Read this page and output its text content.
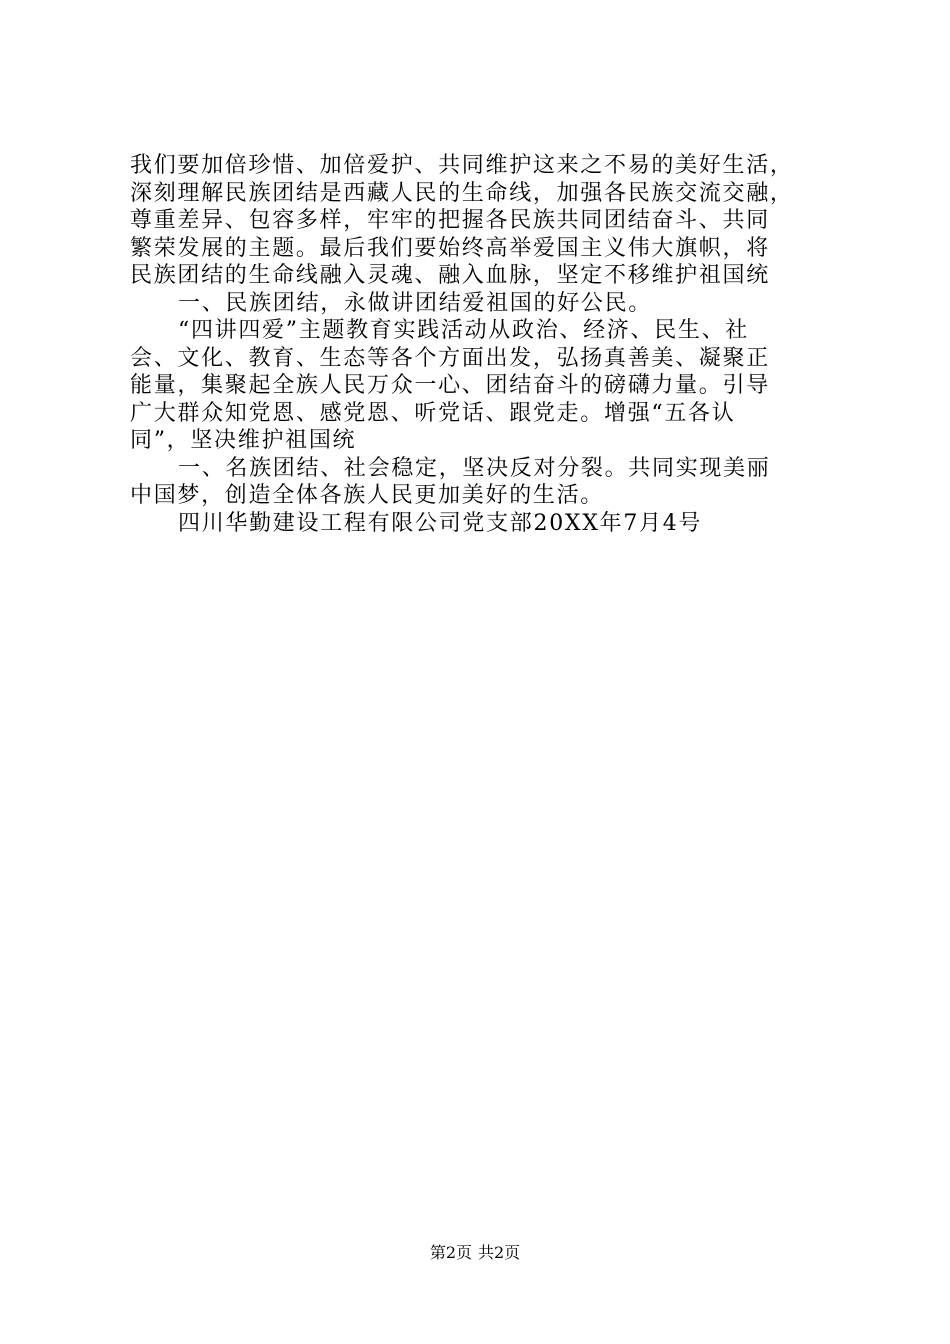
我们要加倍珍惜、加倍爱护、共同维护这来之不易的美好生活，
深刻理解民族团结是西藏人民的生命线，加强各民族交流交融，
尊重差异、包容多样，牢牢的把握各民族共同团结奋斗、共同
繁荣发展的主题。最后我们要始终高举爱国主义伟大旗帜，将
民族团结的生命线融入灵魂、融入血脉，坚定不移维护祖国统
一、民族团结，永做讲团结爱祖国的好公民。
“四讲四爱”主题教育实践活动从政治、经济、民生、社
会、文化、教育、生态等各个方面出发，弘扬真善美、凝聚正
能量，集聚起全族人民万众一心、团结奋斗的磅礴力量。引导
广大群众知党恩、感党恩、听党话、跟党走。增强“五各认
同”，坚决维护祖国统
一、名族团结、社会稳定，坚决反对分裂。共同实现美丽
中国梦，创造全体各族人民更加美好的生活。
四川华勤建设工程有限公司党支部20XX年7月4号
第2页 共2页
